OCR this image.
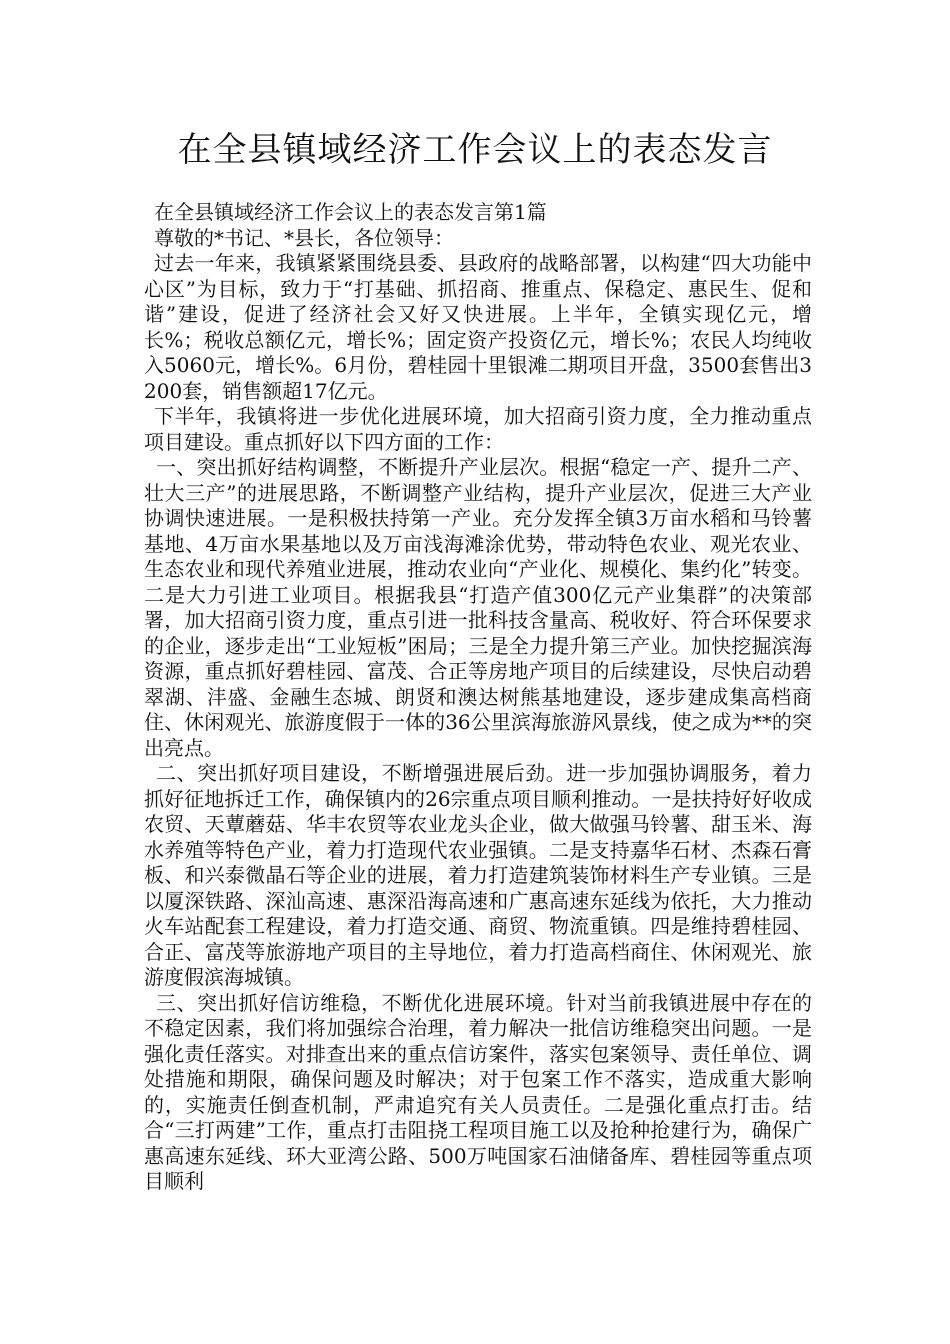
在全县镇域经济工作会议上的表态发言

在全县镇域经济工作会议上的表态发言第1篇

尊敬的*书记、*县长，各位领导：

过去一年来，我镇紧紧围绕县委、县政府的战略部署，以构建“四大功能中心区”为目标，致力于“打基础、抓招商、推重点、保稳定、惠民生、促和谐”建设，促进了经济社会又好又快进展。上半年，全镇实现亿元，增长%；税收总额亿元，增长%；固定资产投资亿元，增长%；农民人均纯收入5060元，增长%。6月份，碧桂园十里银滩二期项目开盘，3500套售出3200套，销售额超17亿元。

下半年，我镇将进一步优化进展环境，加大招商引资力度，全力推动重点项目建设。重点抓好以下四方面的工作：

一、突出抓好结构调整，不断提升产业层次。根据“稳定一产、提升二产、壮大三产”的进展思路，不断调整产业结构，提升产业层次，促进三大产业协调快速进展。一是积极扶持第一产业。充分发挥全镇3万亩水稻和马铃薯基地、4万亩水果基地以及万亩浅海滩涂优势，带动特色农业、观光农业、生态农业和现代养殖业进展，推动农业向“产业化、规模化、集约化”转变。二是大力引进工业项目。根据我县“打造产值300亿元产业集群”的决策部署，加大招商引资力度，重点引进一批科技含量高、税收好、符合环保要求的企业，逐步走出“工业短板”困局；三是全力提升第三产业。加快挖掘滨海资源，重点抓好碧桂园、富茂、合正等房地产项目的后续建设，尽快启动碧翠湖、沣盛、金融生态城、朗贤和澳达树熊基地建设，逐步建成集高档商住、休闲观光、旅游度假于一体的36公里滨海旅游风景线，使之成为**的突出亮点。

二、突出抓好项目建设，不断增强进展后劲。进一步加强协调服务，着力抓好征地拆迁工作，确保镇内的26宗重点项目顺利推动。一是扶持好好收成农贸、天蕈蘑菇、华丰农贸等农业龙头企业，做大做强马铃薯、甜玉米、海水养殖等特色产业，着力打造现代农业强镇。二是支持嘉华石材、杰森石膏板、和兴泰微晶石等企业的进展，着力打造建筑装饰材料生产专业镇。三是以厦深铁路、深汕高速、惠深沿海高速和广惠高速东延线为依托，大力推动火车站配套工程建设，着力打造交通、商贸、物流重镇。四是维持碧桂园、合正、富茂等旅游地产项目的主导地位，着力打造高档商住、休闲观光、旅游度假滨海城镇。

三、突出抓好信访维稳，不断优化进展环境。针对当前我镇进展中存在的不稳定因素，我们将加强综合治理，着力解决一批信访维稳突出问题。一是强化责任落实。对排查出来的重点信访案件，落实包案领导、责任单位、调处措施和期限，确保问题及时解决；对于包案工作不落实，造成重大影响的，实施责任倒查机制，严肃追究有关人员责任。二是强化重点打击。结合“三打两建”工作，重点打击阻挠工程项目施工以及抢种抢建行为，确保广惠高速东延线、环大亚湾公路、500万吨国家石油储备库、碧桂园等重点项目顺利
